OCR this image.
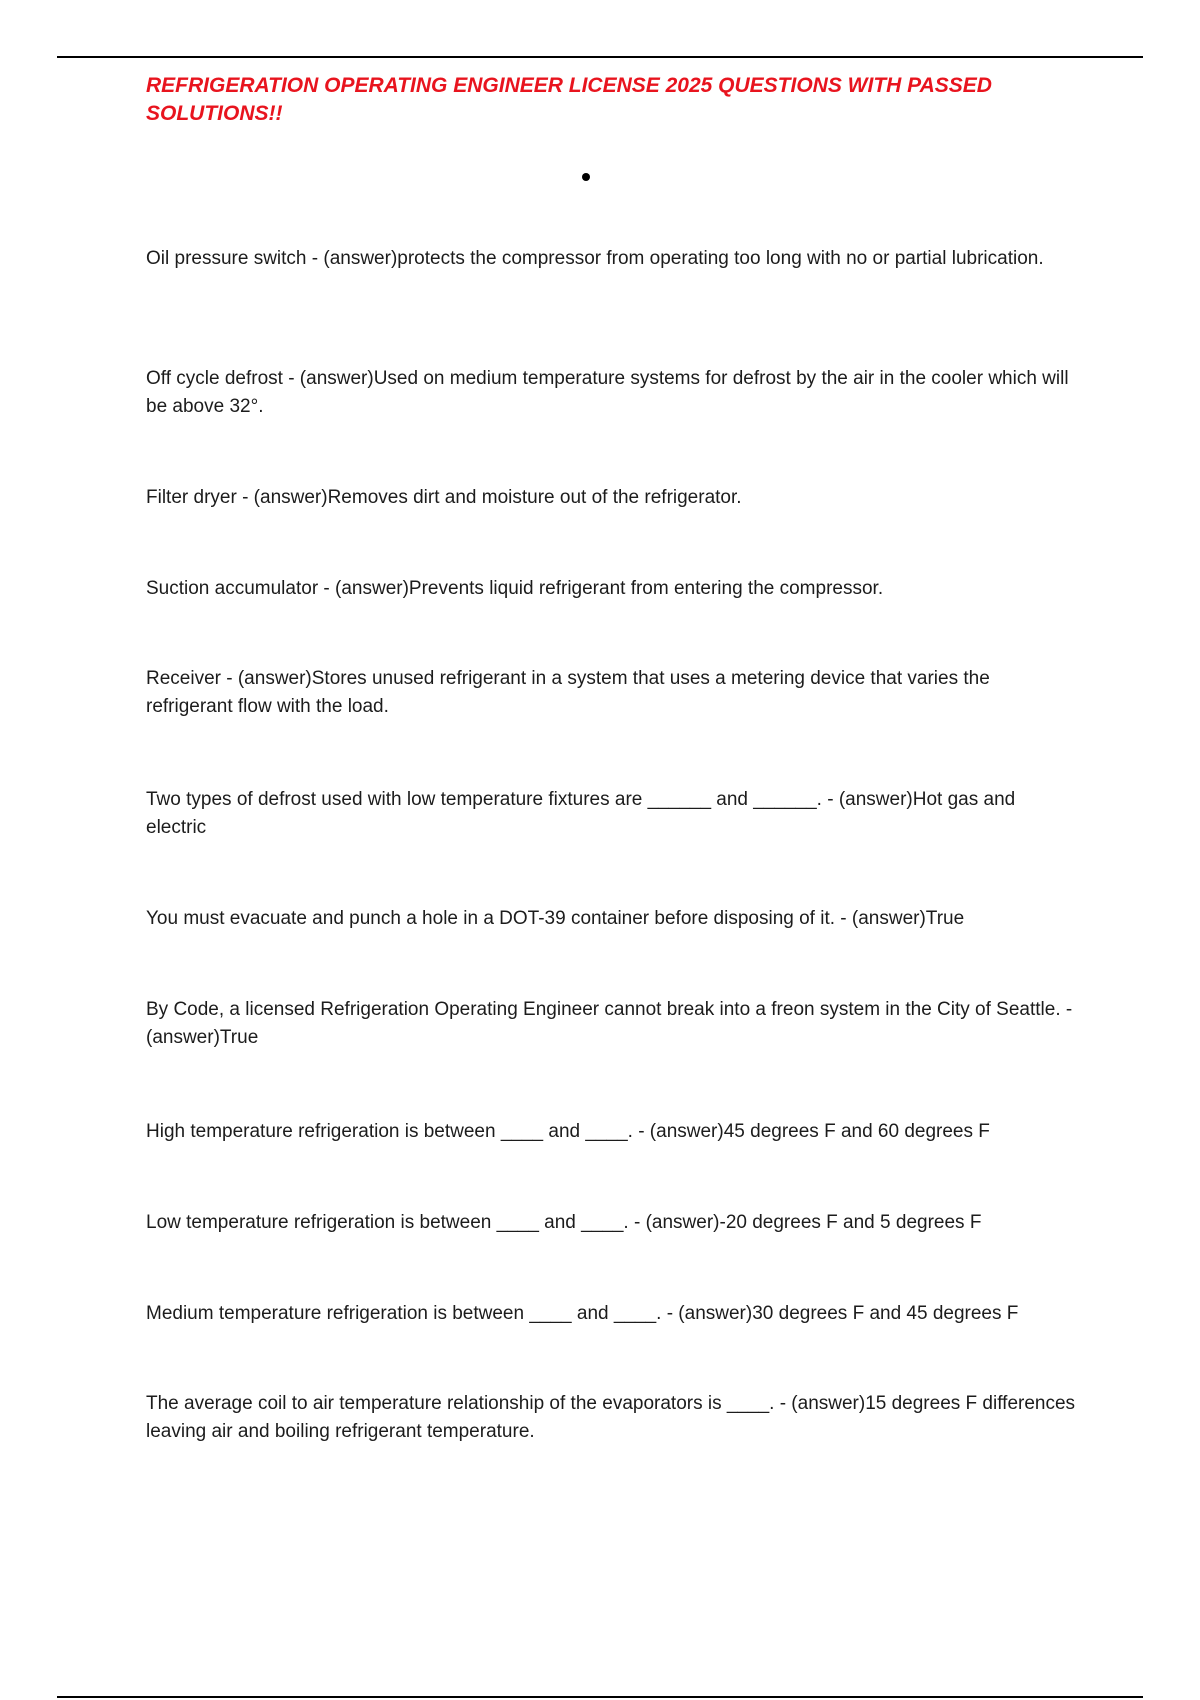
REFRIGERATION OPERATING ENGINEER LICENSE 2025 QUESTIONS WITH PASSED SOLUTIONS!!

Oil pressure switch - (answer)protects the compressor from operating too long with no or partial lubrication.

Off cycle defrost - (answer)Used on medium temperature systems for defrost by the air in the cooler which will be above 32°.

Filter dryer - (answer)Removes dirt and moisture out of the refrigerator.

Suction accumulator - (answer)Prevents liquid refrigerant from entering the compressor.

Receiver - (answer)Stores unused refrigerant in a system that uses a metering device that varies the refrigerant flow with the load.

Two types of defrost used with low temperature fixtures are ______ and ______. - (answer)Hot gas and electric

You must evacuate and punch a hole in a DOT-39 container before disposing of it. - (answer)True

By Code, a licensed Refrigeration Operating Engineer cannot break into a freon system in the City of Seattle. - (answer)True

High temperature refrigeration is between ____ and ____. - (answer)45 degrees F and 60 degrees F

Low temperature refrigeration is between ____ and ____. - (answer)-20 degrees F and 5 degrees F

Medium temperature refrigeration is between ____ and ____. - (answer)30 degrees F and 45 degrees F

The average coil to air temperature relationship of the evaporators is ____. - (answer)15 degrees F differences leaving air and boiling refrigerant temperature.
